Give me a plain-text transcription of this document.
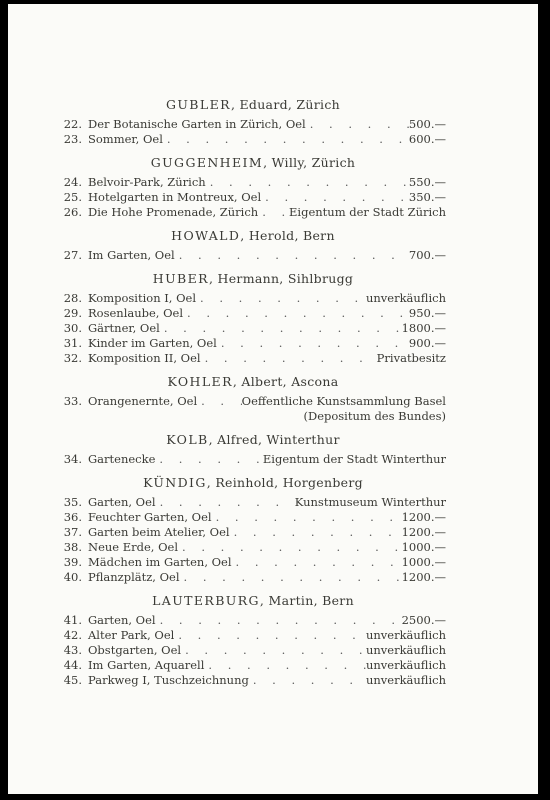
GUBLER, Eduard, Zürich
22. Der Botanische Garten in Zürich, Oel . . .	500.—
23. Sommer, Oel . . .	600.—
GUGGENHEIM, Willy, Zürich
24. Belvoir-Park, Zürich . . .	550.—
25. Hotelgarten in Montreux, Oel . . .	350.—
26. Die Hohe Promenade, Zürich . . .	Eigentum der Stadt Zürich
HOWALD, Herold, Bern
27. Im Garten, Oel . . .	700.—
HUBER, Hermann, Sihlbrugg
28. Komposition I, Oel . . .	unverkäuflich
29. Rosenlaube, Oel . . .	950.—
30. Gärtner, Oel . . .	1800.—
31. Kinder im Garten, Oel . . .	900.—
32. Komposition II, Oel . . .	Privatbesitz
KOHLER, Albert, Ascona
33. Orangenernte, Oel . . .	Oeffentliche Kunstsammlung Basel
(Depositum des Bundes)
KOLB, Alfred, Winterthur
34. Gartenecke . . .	Eigentum der Stadt Winterthur
KÜNDIG, Reinhold, Horgenberg
35. Garten, Oel . . .	Kunstmuseum Winterthur
36. Feuchter Garten, Oel . . .	1200.—
37. Garten beim Atelier, Oel . . .	1200.—
38. Neue Erde, Oel . . .	1000.—
39. Mädchen im Garten, Oel . . .	1000.—
40. Pflanzplätz, Oel . . .	1200.—
LAUTERBURG, Martin, Bern
41. Garten, Oel . . .	2500.—
42. Alter Park, Oel . . .	unverkäuflich
43. Obstgarten, Oel . . .	unverkäuflich
44. Im Garten, Aquarell . . .	unverkäuflich
45. Parkweg I, Tuschzeichnung . . .	unverkäuflich
